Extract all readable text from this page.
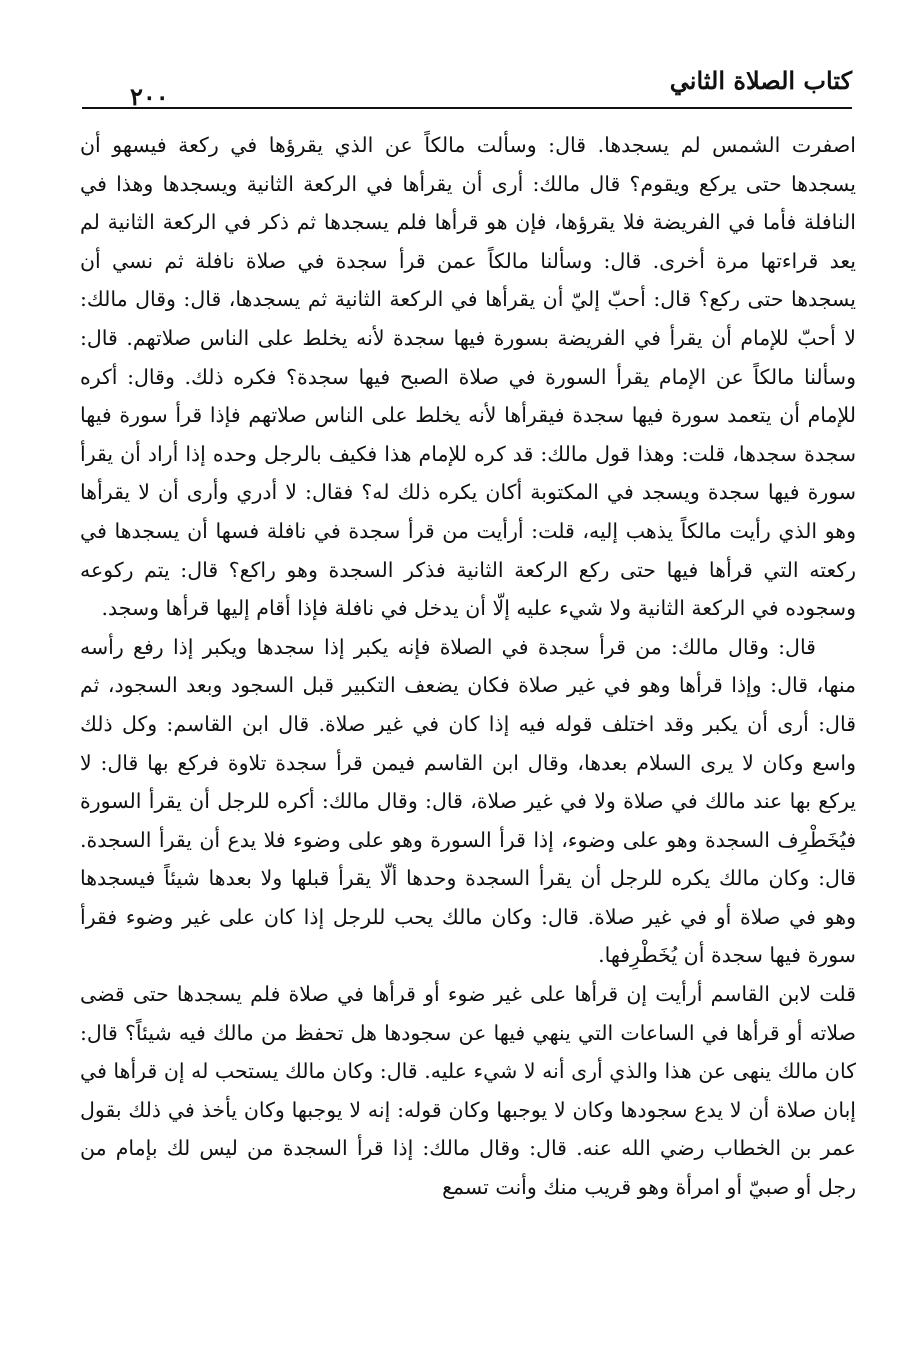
٢٠٠
كتاب الصلاة الثاني

اصفرت الشمس لم يسجدها. قال: وسألت مالكاً عن الذي يقرؤها في ركعة فيسهو أن يسجدها حتى يركع ويقوم؟ قال مالك: أرى أن يقرأها في الركعة الثانية ويسجدها وهذا في النافلة فأما في الفريضة فلا يقرؤها، فإن هو قرأها فلم يسجدها ثم ذكر في الركعة الثانية لم يعد قراءتها مرة أخرى. قال: وسألنا مالكاً عمن قرأ سجدة في صلاة نافلة ثم نسي أن يسجدها حتى ركع؟ قال: أحبّ إليّ أن يقرأها في الركعة الثانية ثم يسجدها، قال: وقال مالك: لا أحبّ للإمام أن يقرأ في الفريضة بسورة فيها سجدة لأنه يخلط على الناس صلاتهم. قال: وسألنا مالكاً عن الإمام يقرأ السورة في صلاة الصبح فيها سجدة؟ فكره ذلك. وقال: أكره للإمام أن يتعمد سورة فيها سجدة فيقرأها لأنه يخلط على الناس صلاتهم فإذا قرأ سورة فيها سجدة سجدها، قلت: وهذا قول مالك: قد كره للإمام هذا فكيف بالرجل وحده إذا أراد أن يقرأ سورة فيها سجدة ويسجد في المكتوبة أكان يكره ذلك له؟ فقال: لا أدري وأرى أن لا يقرأها وهو الذي رأيت مالكاً يذهب إليه، قلت: أرأيت من قرأ سجدة في نافلة فسها أن يسجدها في ركعته التي قرأها فيها حتى ركع الركعة الثانية فذكر السجدة وهو راكع؟ قال: يتم ركوعه وسجوده في الركعة الثانية ولا شيء عليه إلّا أن يدخل في نافلة فإذا أقام إليها قرأها وسجد.

قال: وقال مالك: من قرأ سجدة في الصلاة فإنه يكبر إذا سجدها ويكبر إذا رفع رأسه منها، قال: وإذا قرأها وهو في غير صلاة فكان يضعف التكبير قبل السجود وبعد السجود، ثم قال: أرى أن يكبر وقد اختلف قوله فيه إذا كان في غير صلاة. قال ابن القاسم: وكل ذلك واسع وكان لا يرى السلام بعدها، وقال ابن القاسم فيمن قرأ سجدة تلاوة فركع بها قال: لا يركع بها عند مالك في صلاة ولا في غير صلاة، قال: وقال مالك: أكره للرجل أن يقرأ السورة فيُخَطْرِف السجدة وهو على وضوء، إذا قرأ السورة وهو على وضوء فلا يدع أن يقرأ السجدة. قال: وكان مالك يكره للرجل أن يقرأ السجدة وحدها ألّا يقرأ قبلها ولا بعدها شيئاً فيسجدها وهو في صلاة أو في غير صلاة. قال: وكان مالك يحب للرجل إذا كان على غير وضوء فقرأ سورة فيها سجدة أن يُخَطْرِفها.

قلت لابن القاسم أرأيت إن قرأها على غير ضوء أو قرأها في صلاة فلم يسجدها حتى قضى صلاته أو قرأها في الساعات التي ينهي فيها عن سجودها هل تحفظ من مالك فيه شيئاً؟ قال: كان مالك ينهى عن هذا والذي أرى أنه لا شيء عليه. قال: وكان مالك يستحب له إن قرأها في إبان صلاة أن لا يدع سجودها وكان لا يوجبها وكان قوله: إنه لا يوجبها وكان يأخذ في ذلك بقول عمر بن الخطاب رضي الله عنه. قال: وقال مالك: إذا قرأ السجدة من ليس لك بإمام من رجل أو صبيّ أو امرأة وهو قريب منك وأنت تسمع
